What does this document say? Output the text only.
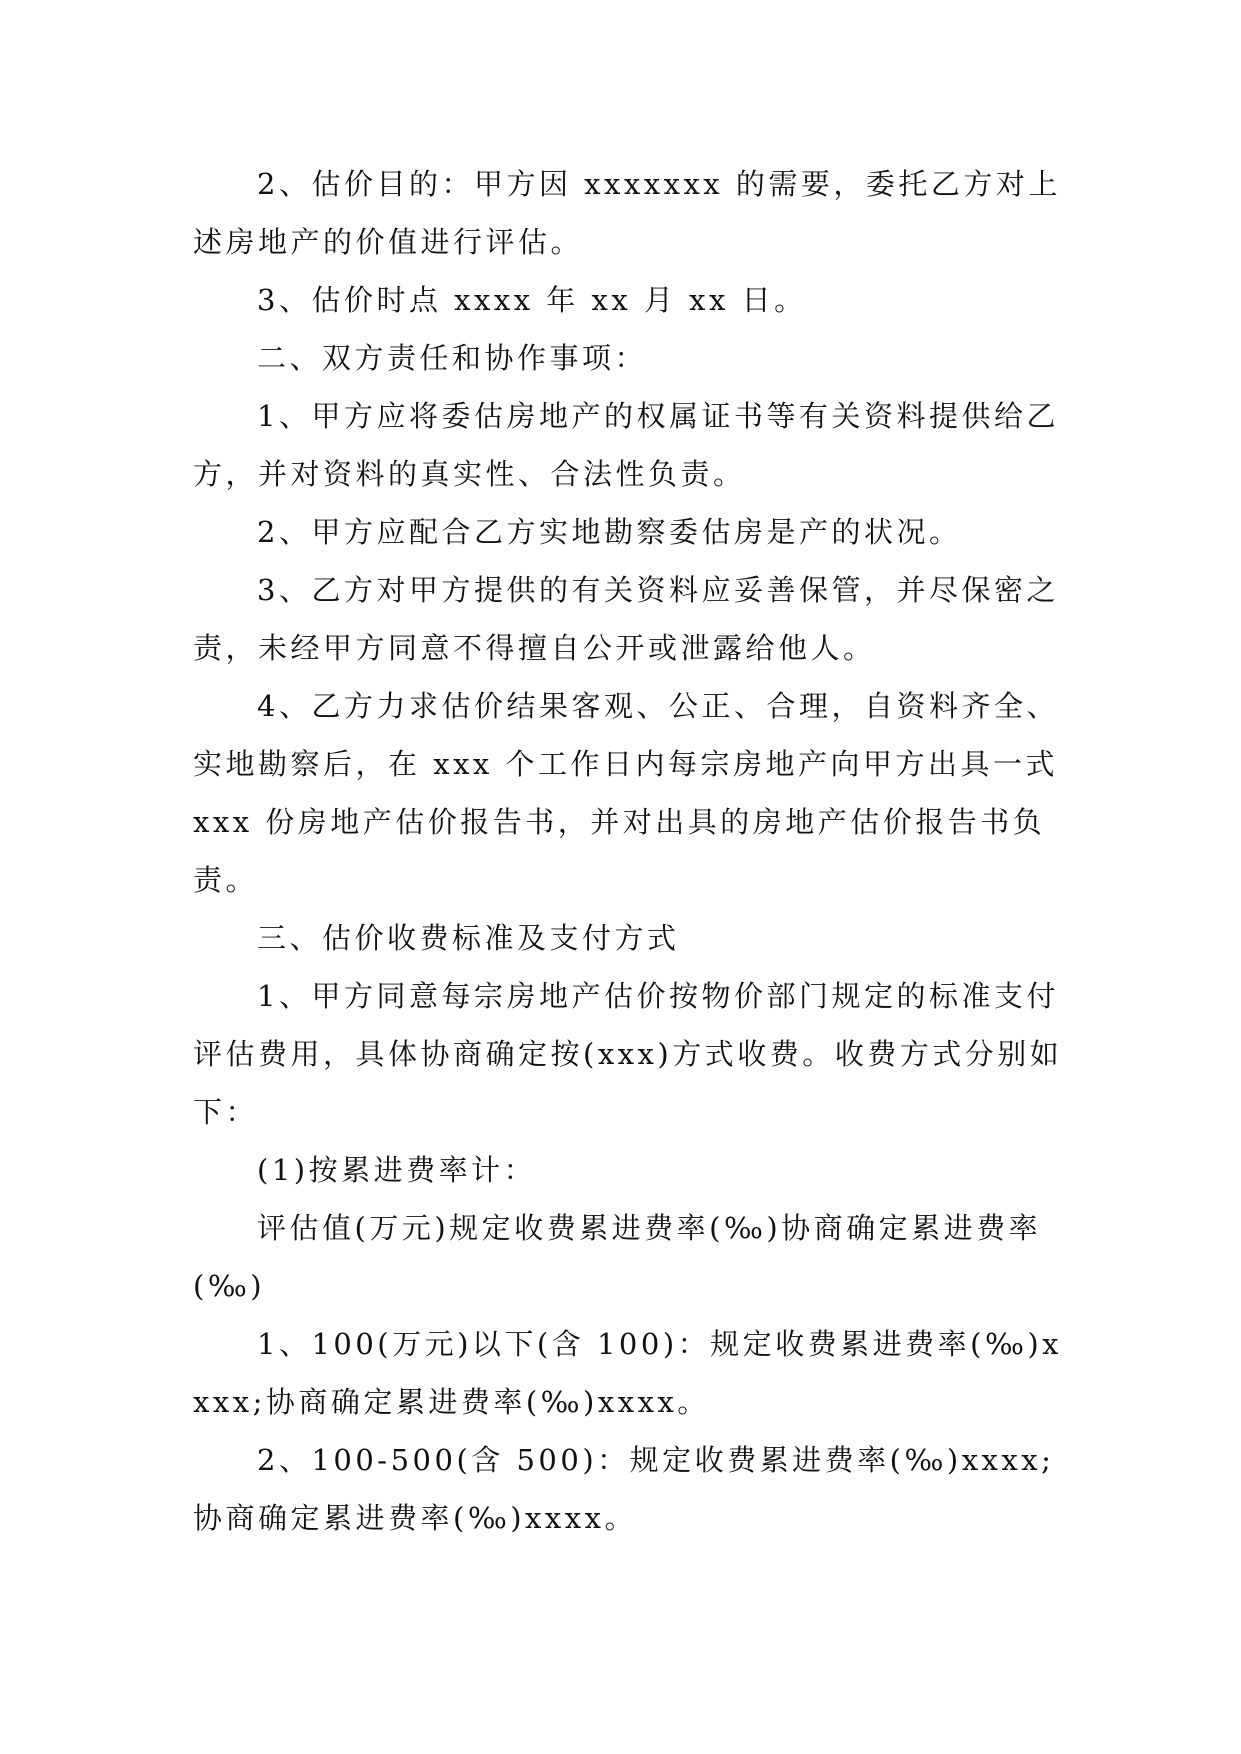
2、估价目的：甲方因 xxxxxxx 的需要，委托乙方对上述房地产的价值进行评估。

3、估价时点 xxxx 年 xx 月 xx 日。

二、双方责任和协作事项：

1、甲方应将委估房地产的权属证书等有关资料提供给乙方，并对资料的真实性、合法性负责。

2、甲方应配合乙方实地勘察委估房是产的状况。

3、乙方对甲方提供的有关资料应妥善保管，并尽保密之责，未经甲方同意不得擅自公开或泄露给他人。

4、乙方力求估价结果客观、公正、合理，自资料齐全、实地勘察后，在 xxx 个工作日内每宗房地产向甲方出具一式 xxx 份房地产估价报告书，并对出具的房地产估价报告书负责。

三、估价收费标准及支付方式

1、甲方同意每宗房地产估价按物价部门规定的标准支付评估费用，具体协商确定按(xxx)方式收费。收费方式分别如下：

(1)按累进费率计：

评估值(万元)规定收费累进费率(‰)协商确定累进费率(‰)

1、100(万元)以下(含 100)：规定收费累进费率(‰)xxxx;协商确定累进费率(‰)xxxx。

2、100-500(含 500)：规定收费累进费率(‰)xxxx;协商确定累进费率(‰)xxxx。
